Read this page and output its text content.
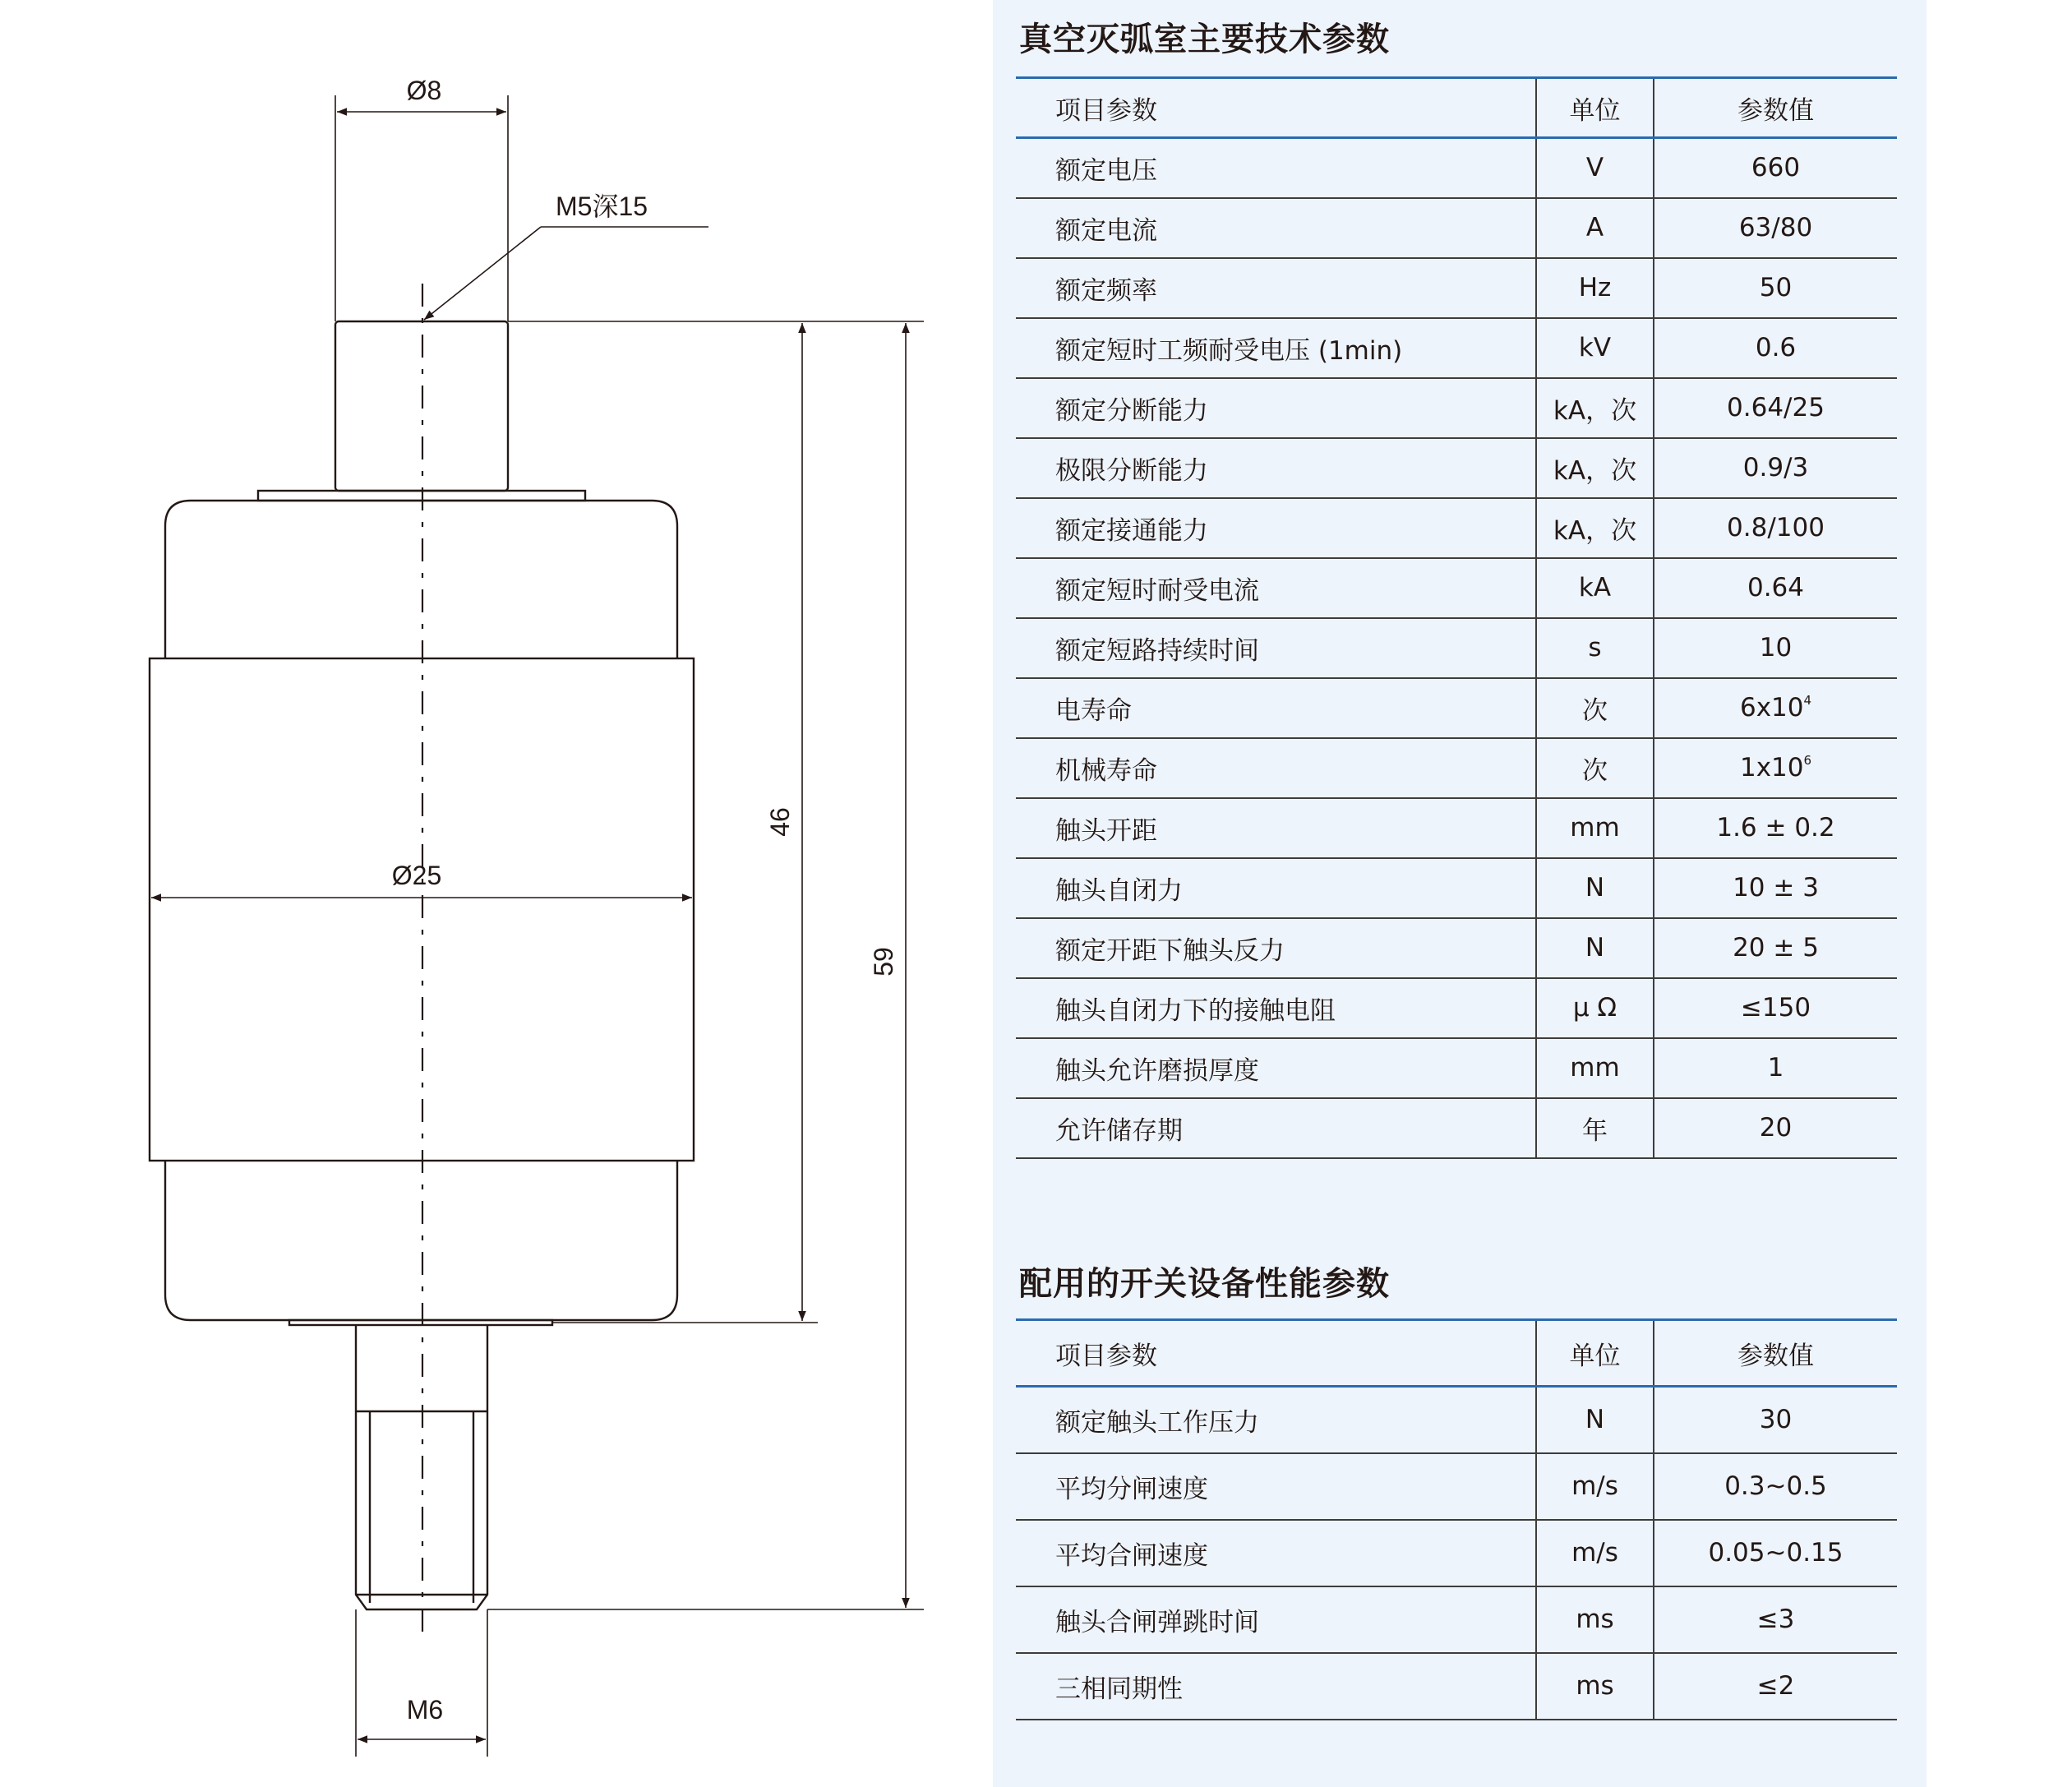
Ø8
M5深15
Ø25
46
59
M6
真空灭弧室主要技术参数
项目参数	单位	参数值
额定电压	V	660
额定电流	A	63/80
额定频率	Hz	50
额定短时工频耐受电压 (1min)	kV	0.6
额定分断能力	kA，次	0.64/25
极限分断能力	kA，次	0.9/3
额定接通能力	kA，次	0.8/100
额定短时耐受电流	kA	0.64
额定短路持续时间	s	10
电寿命	次	$6x10^4$
机械寿命	次	$1x10^6$
触头开距	mm	1.6 ± 0.2
触头自闭力	N	10 ± 3
额定开距下触头反力	N	20 ± 5
触头自闭力下的接触电阻	μ Ω	≤150
触头允许磨损厚度	mm	1
允许储存期	年	20
配用的开关设备性能参数
项目参数	单位	参数值
额定触头工作压力	N	30
平均分闸速度	m/s	0.3~0.5
平均合闸速度	m/s	0.05~0.15
触头合闸弹跳时间	ms	≤3
三相同期性	ms	≤2
